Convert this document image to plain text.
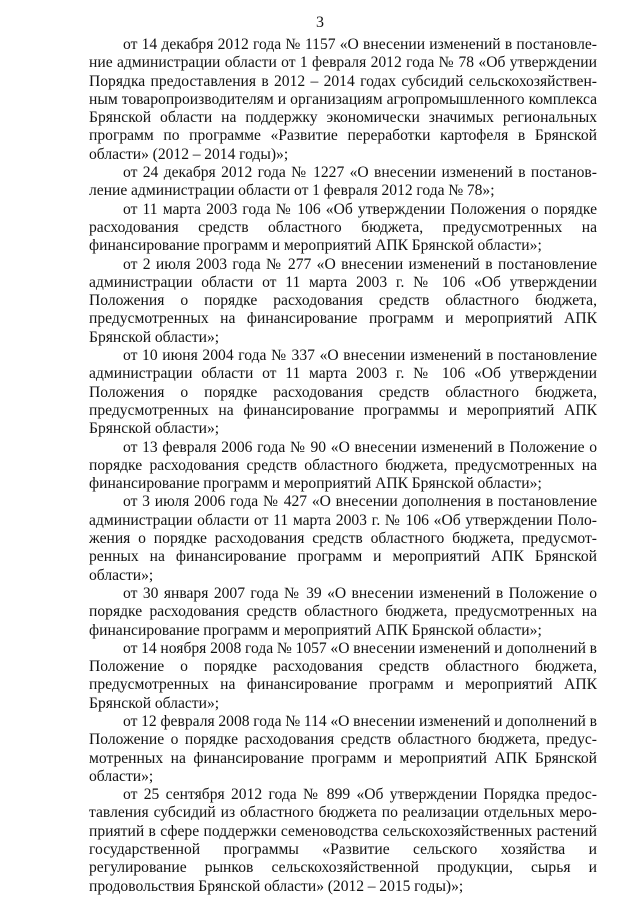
3

от 14 декабря 2012 года № 1157 «О внесении изменений в постановление администрации области от 1 февраля 2012 года № 78 «Об утверждении Порядка предоставления в 2012 – 2014 годах субсидий сельскохозяйственным товаропроизводителям и организациям агропромышленного комплекса Брянской области на поддержку экономически значимых региональных программ по программе «Развитие переработки картофеля в Брянской области» (2012 – 2014 годы)»;

от 24 декабря 2012 года № 1227 «О внесении изменений в постановление администрации области от 1 февраля 2012 года № 78»;

от 11 марта 2003 года № 106 «Об утверждении Положения о порядке расходования средств областного бюджета, предусмотренных на финансирование программ и мероприятий АПК Брянской области»;

от 2 июля 2003 года № 277 «О внесении изменений в постановление администрации области от 11 марта 2003 г. № 106 «Об утверждении Положения о порядке расходования средств областного бюджета, предусмотренных на финансирование программ и мероприятий АПК Брянской области»;

от 10 июня 2004 года № 337 «О внесении изменений в постановление администрации области от 11 марта 2003 г. № 106 «Об утверждении Положения о порядке расходования средств областного бюджета, предусмотренных на финансирование программы и мероприятий АПК Брянской области»;

от 13 февраля 2006 года № 90 «О внесении изменений в Положение о порядке расходования средств областного бюджета, предусмотренных на финансирование программ и мероприятий АПК Брянской области»;

от 3 июля 2006 года № 427 «О внесении дополнения в постановление администрации области от 11 марта 2003 г. № 106 «Об утверждении Положения о порядке расходования средств областного бюджета, предусмотренных на финансирование программ и мероприятий АПК Брянской области»;

от 30 января 2007 года № 39 «О внесении изменений в Положение о порядке расходования средств областного бюджета, предусмотренных на финансирование программ и мероприятий АПК Брянской области»;

от 14 ноября 2008 года № 1057 «О внесении изменений и дополнений в Положение о порядке расходования средств областного бюджета, предусмотренных на финансирование программ и мероприятий АПК Брянской области»;

от 12 февраля 2008 года № 114 «О внесении изменений и дополнений в Положение о порядке расходования средств областного бюджета, предусмотренных на финансирование программ и мероприятий АПК Брянской области»;

от 25 сентября 2012 года № 899 «Об утверждении Порядка предоставления субсидий из областного бюджета по реализации отдельных мероприятий в сфере поддержки семеноводства сельскохозяйственных растений государственной программы «Развитие сельского хозяйства и регулирование рынков сельскохозяйственной продукции, сырья и продовольствия Брянской области» (2012 – 2015 годы)»;
